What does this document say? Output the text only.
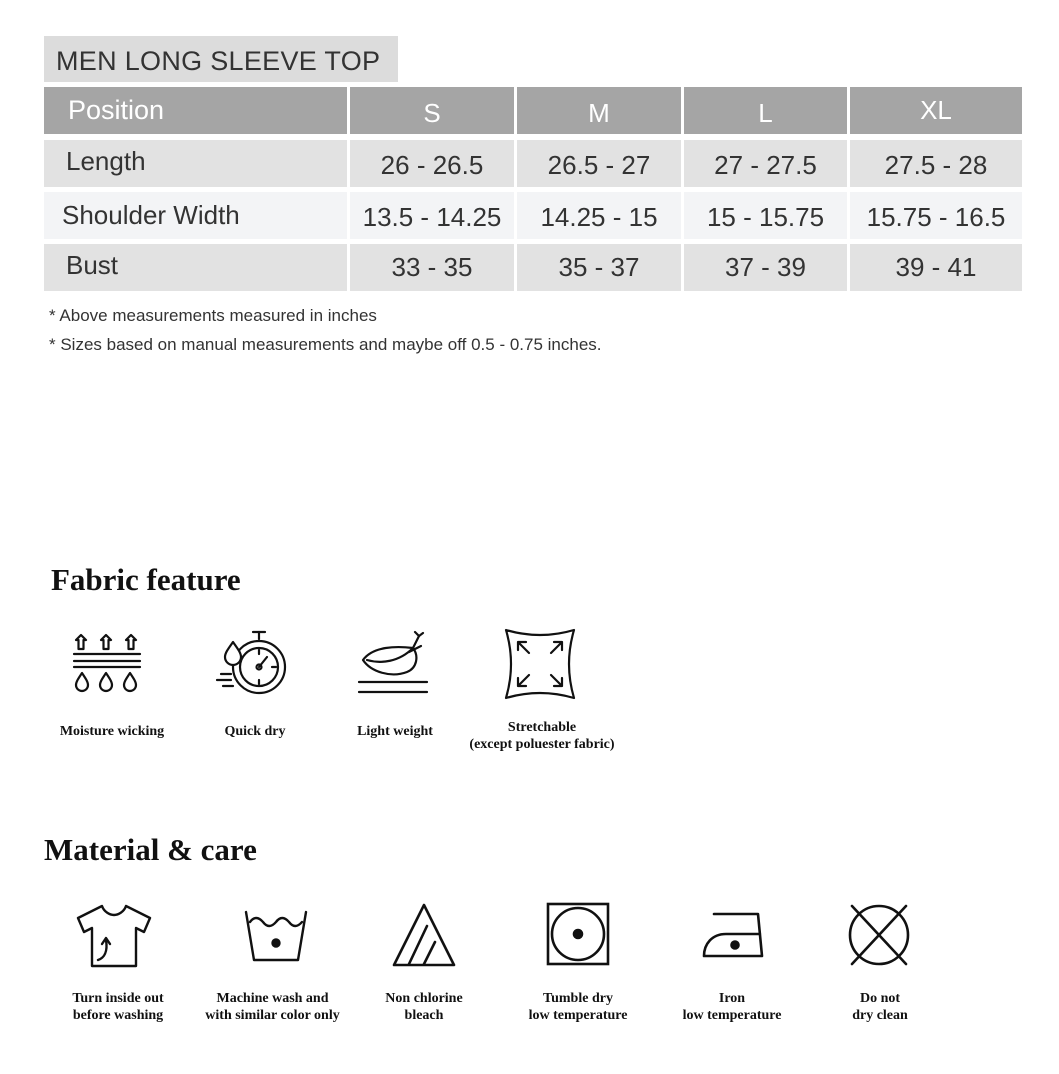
MEN LONG SLEEVE TOP
Position	S	M	L	XL
Length	26 - 26.5	26.5 - 27	27 - 27.5	27.5 - 28
Shoulder Width	13.5 - 14.25	14.25 - 15	15 - 15.75	15.75 - 16.5
Bust	33 - 35	35 - 37	37 - 39	39 - 41
* Above measurements measured in inches
* Sizes based on manual measurements and maybe off 0.5 - 0.75 inches.
Fabric feature
Moisture wicking	Quick dry	Light weight	Stretchable
(except poluester fabric)
Material & care
Turn inside out
before washing
Machine wash and
with similar color only
Non chlorine
bleach
Tumble dry
low temperature
Iron
low temperature
Do not
dry clean
